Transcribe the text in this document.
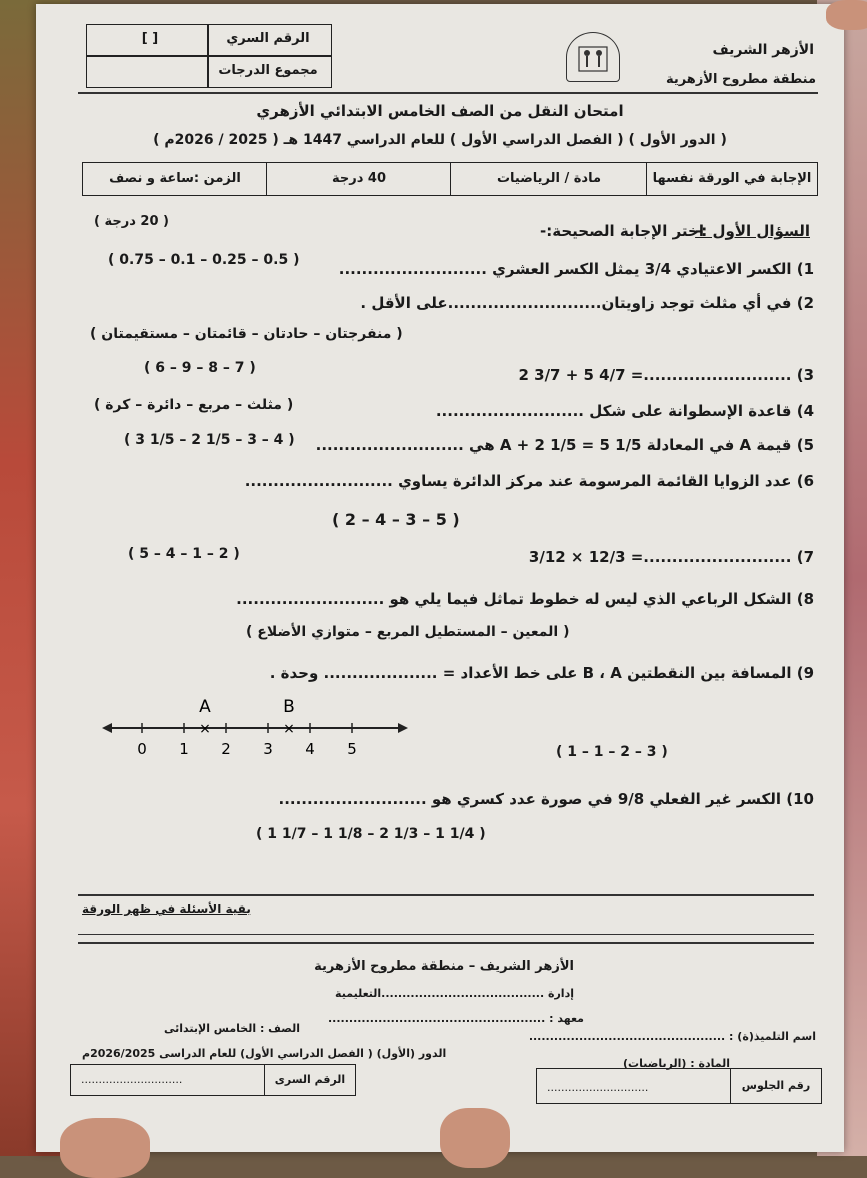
الأزهر الشريف
منطقة مطروح الأزهرية
الرقم السري
[ ]
مجموع الدرجات
امتحان النقل من الصف الخامس الابتدائي الأزهري
( الدور الأول ) ( الفصل الدراسي الأول ) للعام الدراسي 1447 هـ ( 2025 / 2026م )
الإجابة في الورقة نفسها
مادة / الرياضيات
40 درجة
الزمن :ساعة و نصف
السؤال الأول :-
اختر الإجابة الصحيحة:-
( 20 درجة )
1) الكسر الاعتيادي 3/4 يمثل الكسر العشري ..........................
( 0.75 – 0.1 – 0.25 – 0.5 )
2) في أي مثلث توجد زاويتان...........................على الأقل .
( منفرجتان – حادتان – قائمتان – مستقيمتان )
3) 2 3/7 + 5 4/7 =..........................
( 6 – 9 – 8 – 7 )
4) قاعدة الإسطوانة على شكل ..........................
( مثلث – مربع – دائرة – كرة )
5) قيمة A في المعادلة A + 2 1/5 = 5 1/5 هي ..........................
( 3 1/5 – 2 1/5 – 3 – 4 )
6) عدد الزوايا القائمة المرسومة عند مركز الدائرة يساوي ..........................
( 2 – 4 – 3 – 5 )
7) 3/12 × 12/3 =..........................
( 5 – 4 – 1 – 2 )
8) الشكل الرباعي الذي ليس له خطوط تماثل فيما يلي هو ..........................
( المعين – المستطيل المربع – متوازي الأضلاع )
9) المسافة بين النقطتين B ، A على خط الأعداد = .................... وحدة .
0 1 2 3 4 5
×
A
×
B
( 1 – 1 – 2 – 3 )
10) الكسر غير الفعلي 9/8 في صورة عدد كسري هو ..........................
( 1 1/7 – 1 1/8 – 2 1/3 – 1 1/4 )
بقية الأسئلة في ظهر الورقة
الأزهر الشريف – منطقة مطروح الأزهرية
إدارة .......................................التعليمية
معهد : ....................................................
اسم التلميذ(ة) : ...............................................
الصف : الخامس الإبتدائى
الدور (الأول) ( الفصل الدراسي الأول) للعام الدراسى 2026/2025م
المادة : (الرياضيات)
رقم الجلوس
.............................
الرقم السرى
.............................
